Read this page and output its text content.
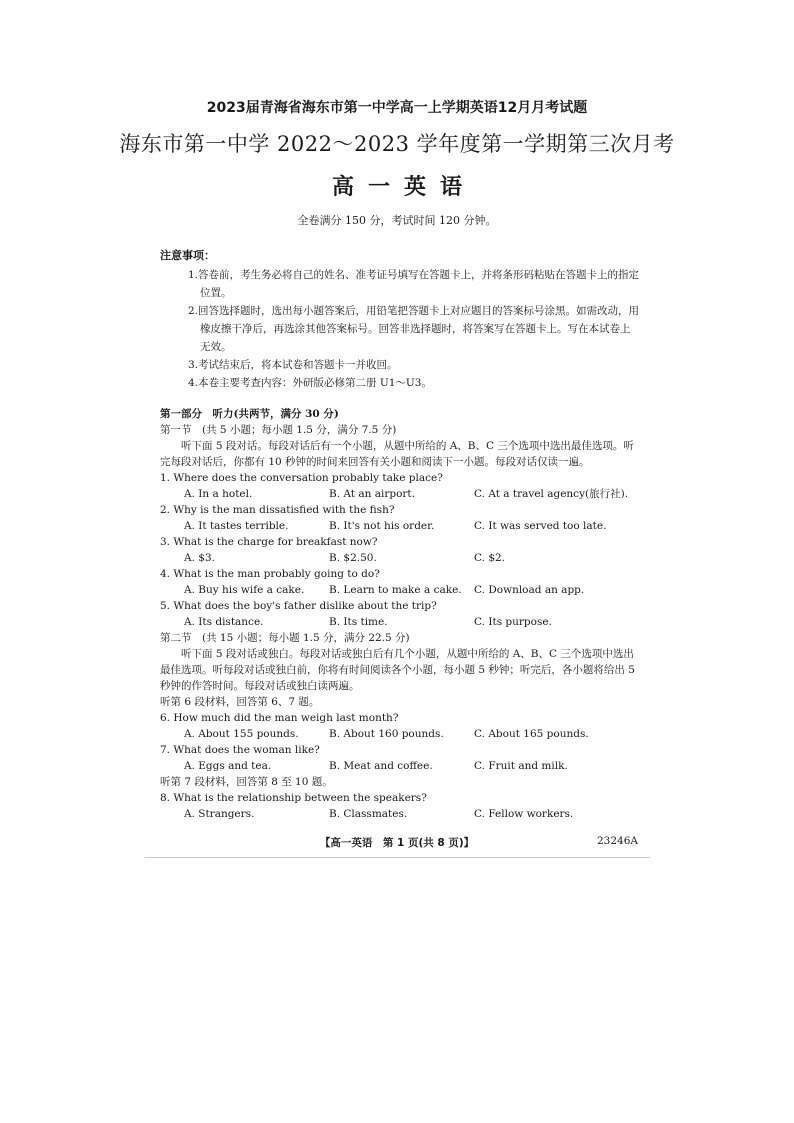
2023届青海省海东市第一中学高一上学期英语12月月考试题
海东市第一中学 2022～2023 学年度第一学期第三次月考
高一英语
全卷满分 150 分，考试时间 120 分钟。
注意事项：
1.答卷前，考生务必将自己的姓名、准考证号填写在答题卡上，并将条形码粘贴在答题卡上的指定位置。
2.回答选择题时，选出每小题答案后，用铅笔把答题卡上对应题目的答案标号涂黑。如需改动，用橡皮擦干净后，再选涂其他答案标号。回答非选择题时，将答案写在答题卡上。写在本试卷上无效。
3.考试结束后，将本试卷和答题卡一并收回。
4.本卷主要考查内容：外研版必修第二册 U1～U3。
第一部分　听力(共两节，满分 30 分)
第一节　(共 5 小题；每小题 1.5 分，满分 7.5 分)
听下面 5 段对话。每段对话后有一个小题，从题中所给的 A、B、C 三个选项中选出最佳选项。听完每段对话后，你都有 10 秒钟的时间来回答有关小题和阅读下一小题。每段对话仅读一遍。
1. Where does the conversation probably take place?
A. In a hotel.	B. At an airport.	C. At a travel agency(旅行社).
2. Why is the man dissatisfied with the fish?
A. It tastes terrible.	B. It's not his order.	C. It was served too late.
3. What is the charge for breakfast now?
A. $3.	B. $2.50.	C. $2.
4. What is the man probably going to do?
A. Buy his wife a cake.	B. Learn to make a cake.	C. Download an app.
5. What does the boy's father dislike about the trip?
A. Its distance.	B. Its time.	C. Its purpose.
第二节　(共 15 小题；每小题 1.5 分，满分 22.5 分)
听下面 5 段对话或独白。每段对话或独白后有几个小题，从题中所给的 A、B、C 三个选项中选出最佳选项。听每段对话或独白前，你将有时间阅读各个小题，每小题 5 秒钟；听完后，各小题将给出 5 秒钟的作答时间。每段对话或独白读两遍。
听第 6 段材料，回答第 6、7 题。
6. How much did the man weigh last month?
A. About 155 pounds.	B. About 160 pounds.	C. About 165 pounds.
7. What does the woman like?
A. Eggs and tea.	B. Meat and coffee.	C. Fruit and milk.
听第 7 段材料，回答第 8 至 10 题。
8. What is the relationship between the speakers?
A. Strangers.	B. Classmates.	C. Fellow workers.
【高一英语　第 1 页(共 8 页)】	23246A
